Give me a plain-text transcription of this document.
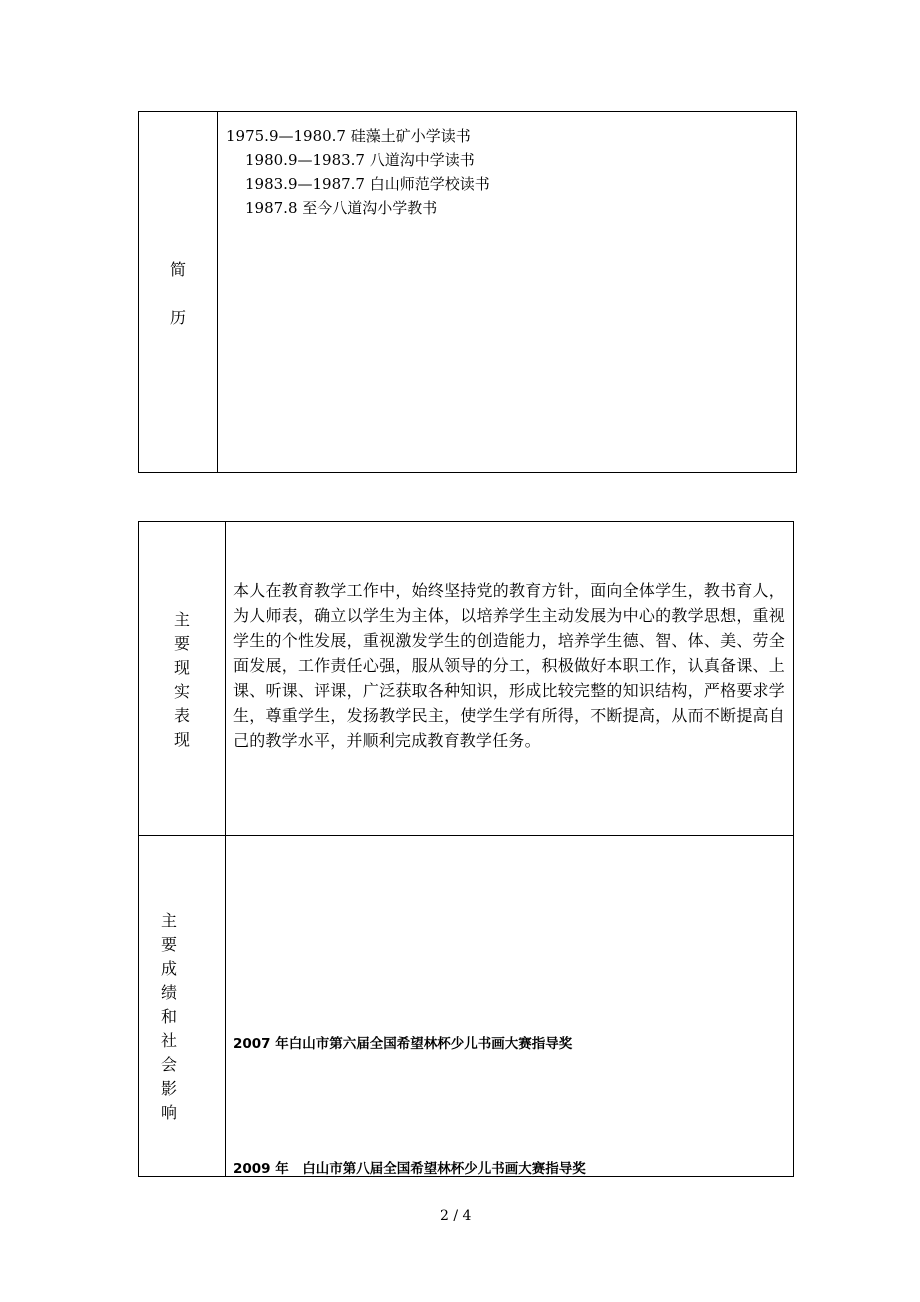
简

历
1975.9—1980.7 硅藻土矿小学读书
1980.9—1983.7 八道沟中学读书
1983.9—1987.7 白山师范学校读书
1987.8 至今八道沟小学教书
主
要
现
实
表
现
本人在教育教学工作中，始终坚持党的教育方针，面向全体学生，教书育人，为人师表，确立以学生为主体，以培养学生主动发展为中心的教学思想，重视学生的个性发展，重视激发学生的创造能力，培养学生德、智、体、美、劳全面发展，工作责任心强，服从领导的分工，积极做好本职工作，认真备课、上课、听课、评课，广泛获取各种知识，形成比较完整的知识结构，严格要求学生，尊重学生，发扬教学民主，使学生学有所得，不断提高，从而不断提高自己的教学水平，并顺利完成教育教学任务。
主
要
成
绩
和
社
会
影
响
2007 年白山市第六届全国希望林杯少儿书画大赛指导奖
2009 年　白山市第八届全国希望林杯少儿书画大赛指导奖
2 / 4
